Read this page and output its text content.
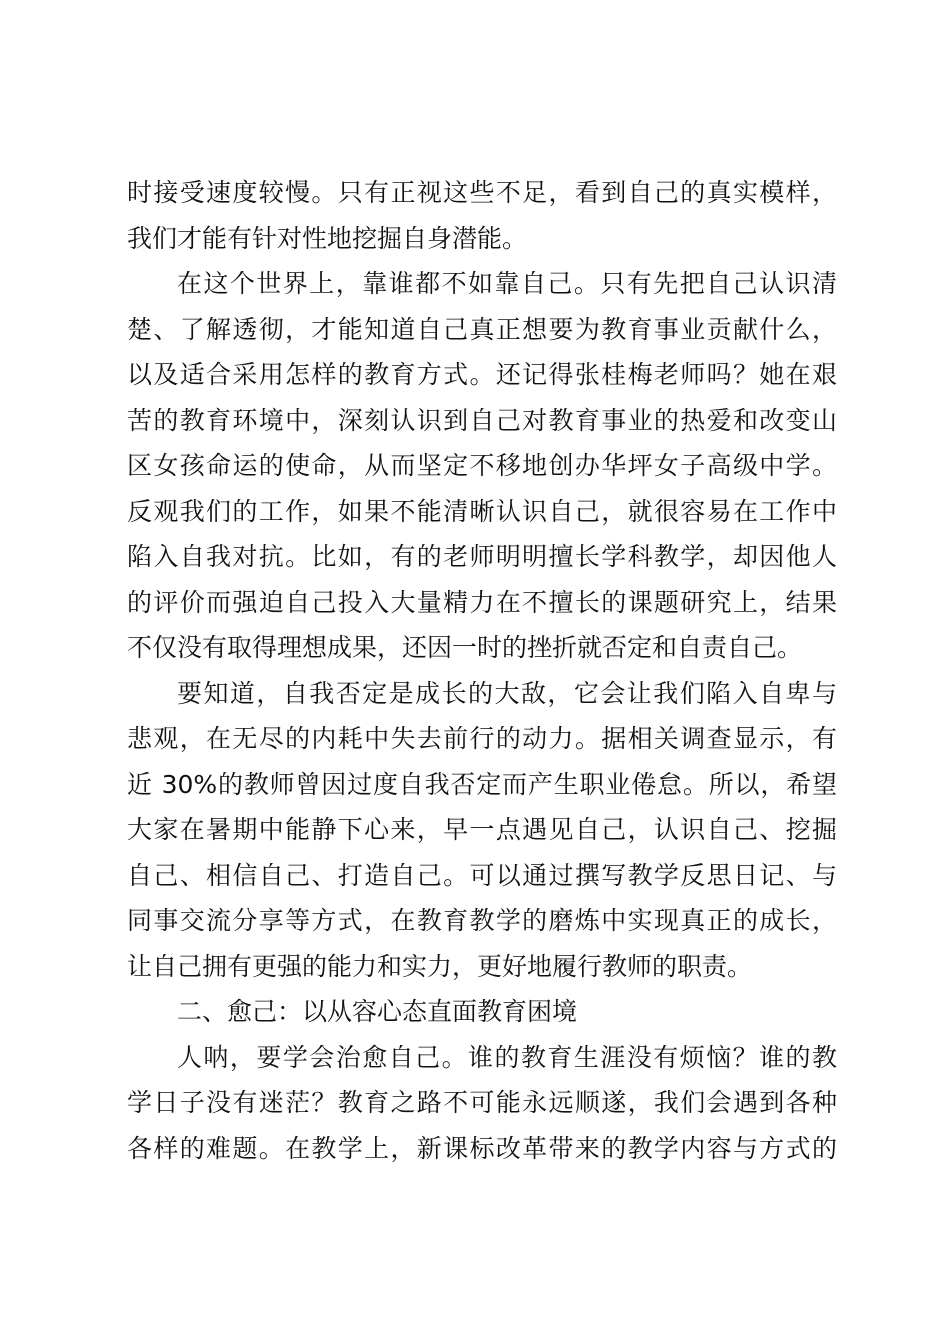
时接受速度较慢。只有正视这些不足，看到自己的真实模样，
我们才能有针对性地挖掘自身潜能。
在这个世界上，靠谁都不如靠自己。只有先把自己认识清
楚、了解透彻，才能知道自己真正想要为教育事业贡献什么，
以及适合采用怎样的教育方式。还记得张桂梅老师吗？她在艰
苦的教育环境中，深刻认识到自己对教育事业的热爱和改变山
区女孩命运的使命，从而坚定不移地创办华坪女子高级中学。
反观我们的工作，如果不能清晰认识自己，就很容易在工作中
陷入自我对抗。比如，有的老师明明擅长学科教学，却因他人
的评价而强迫自己投入大量精力在不擅长的课题研究上，结果
不仅没有取得理想成果，还因一时的挫折就否定和自责自己。
要知道，自我否定是成长的大敌，它会让我们陷入自卑与
悲观，在无尽的内耗中失去前行的动力。据相关调查显示，有
近 30%的教师曾因过度自我否定而产生职业倦怠。所以，希望
大家在暑期中能静下心来，早一点遇见自己，认识自己、挖掘
自己、相信自己、打造自己。可以通过撰写教学反思日记、与
同事交流分享等方式，在教育教学的磨炼中实现真正的成长，
让自己拥有更强的能力和实力，更好地履行教师的职责。
二、愈己：以从容心态直面教育困境
人呐，要学会治愈自己。谁的教育生涯没有烦恼？谁的教
学日子没有迷茫？教育之路不可能永远顺遂，我们会遇到各种
各样的难题。在教学上，新课标改革带来的教学内容与方式的
